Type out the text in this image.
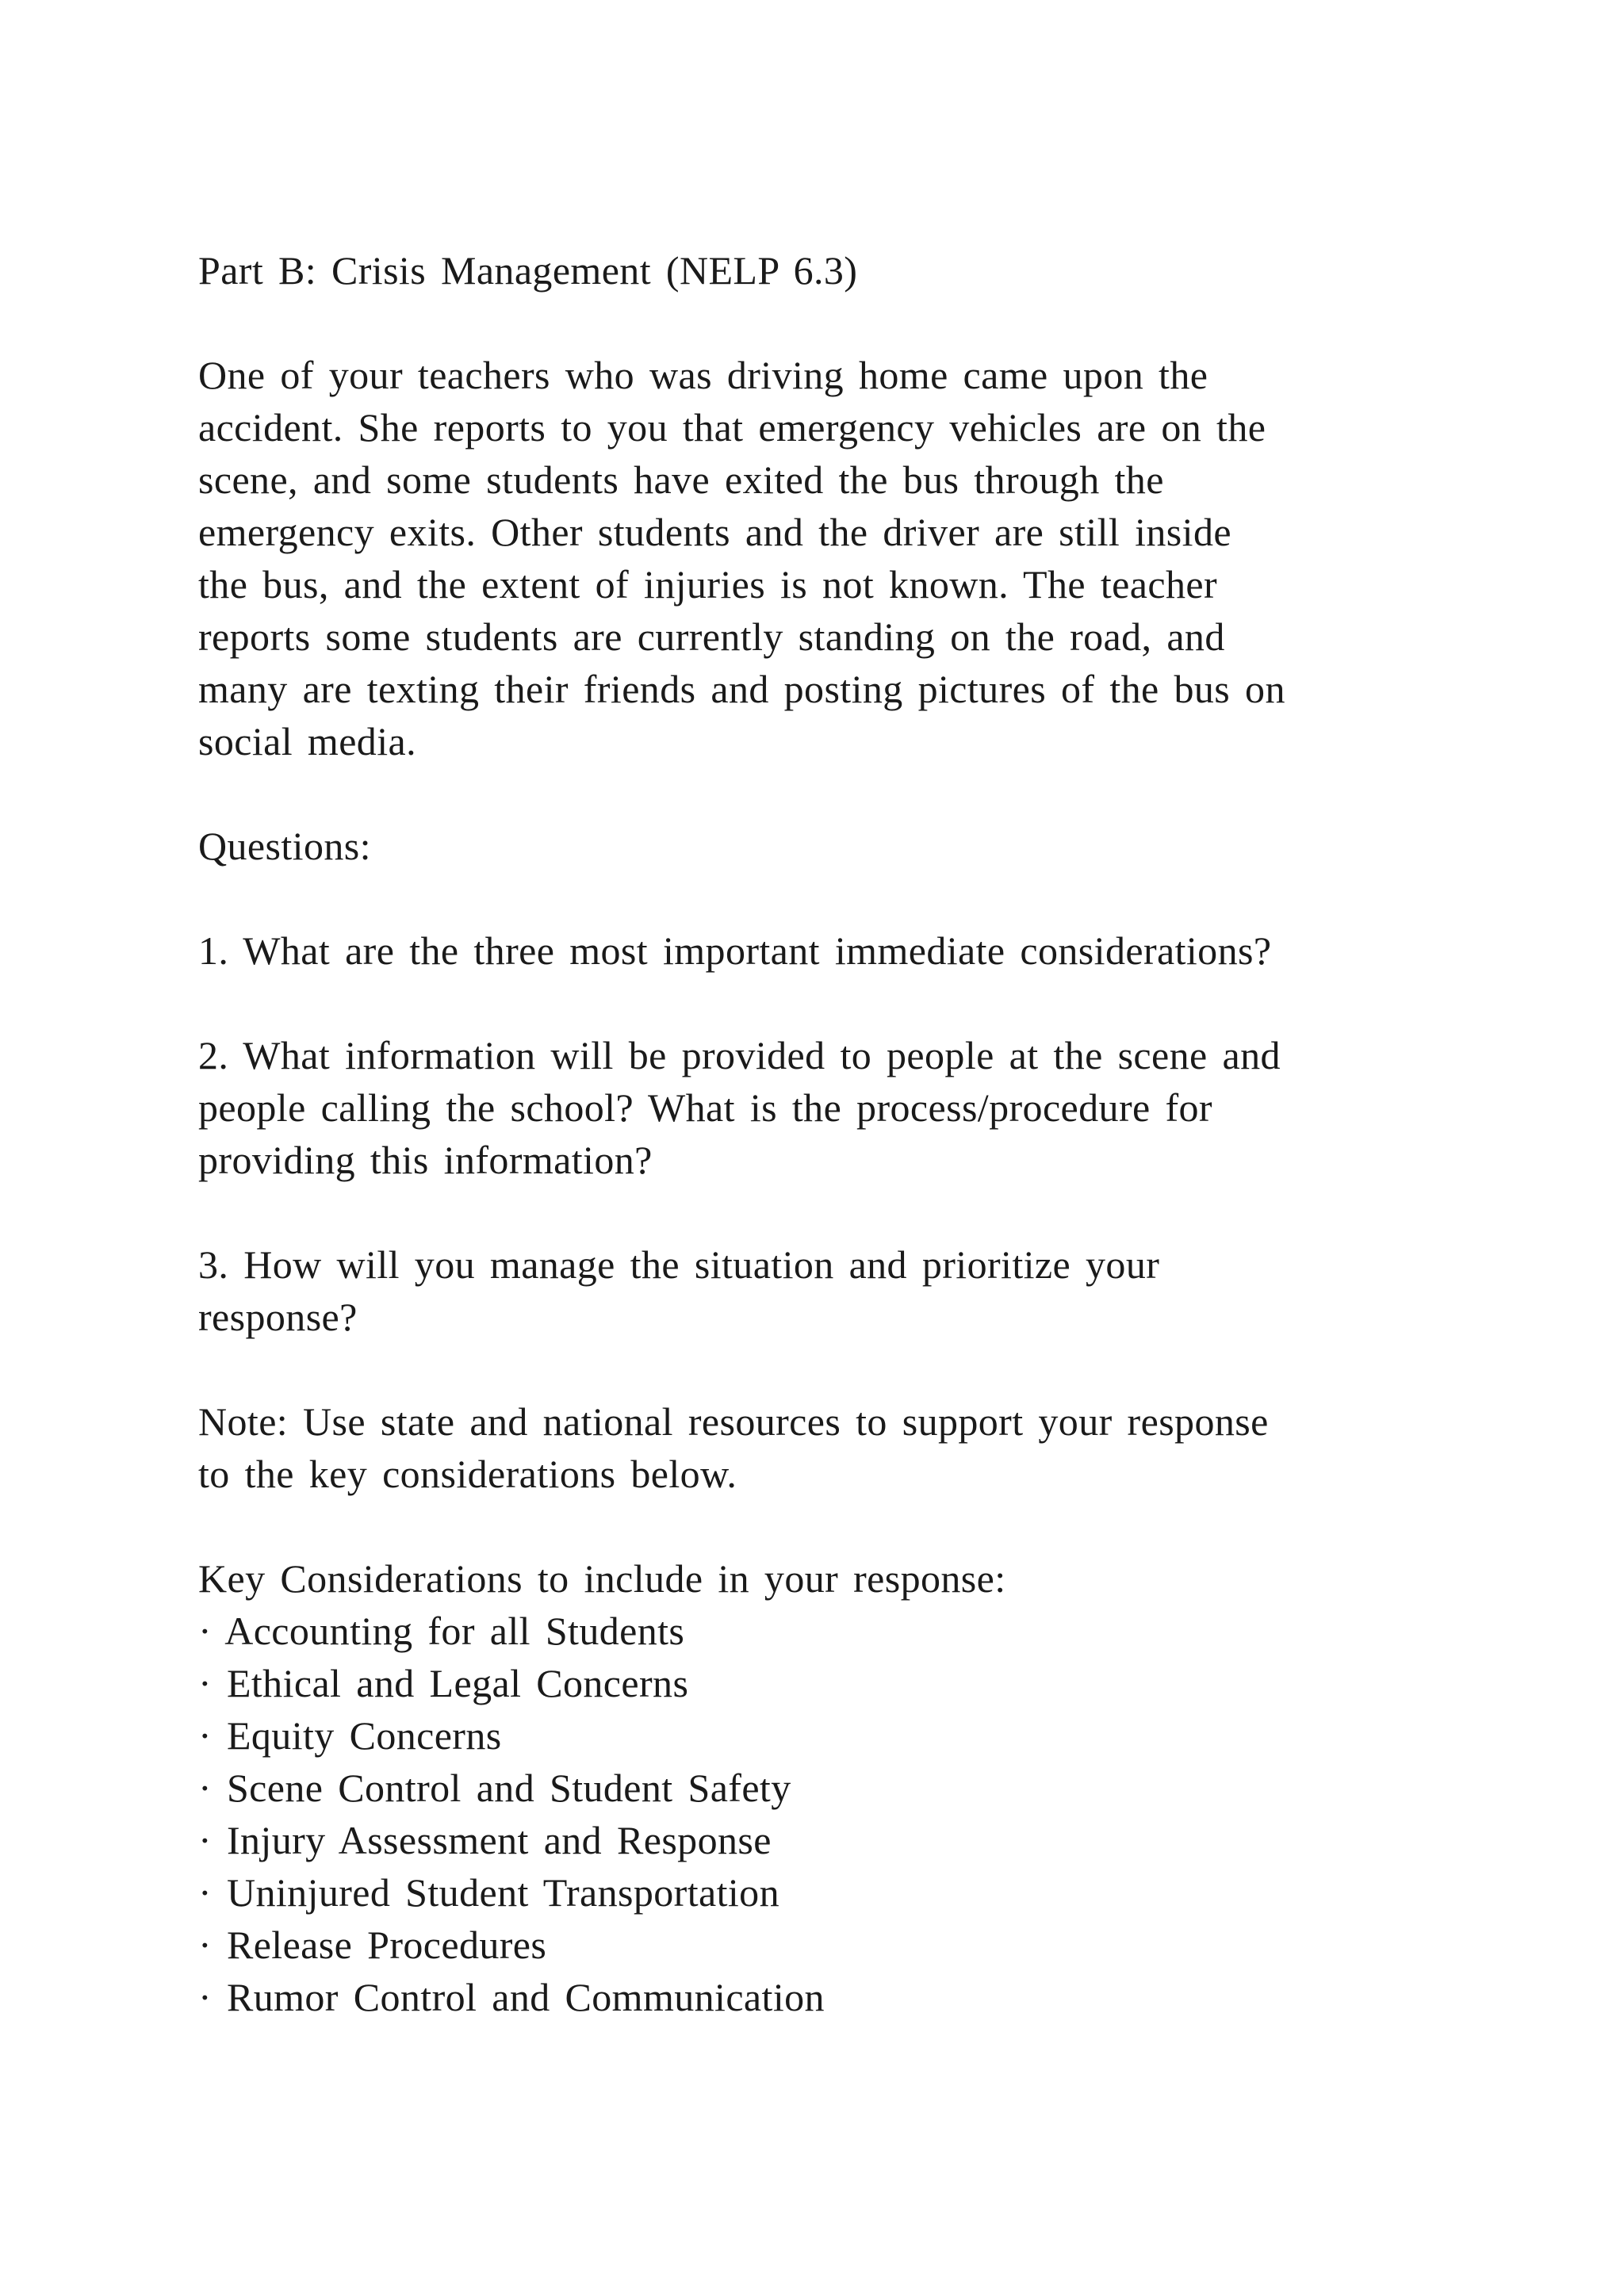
Part B: Crisis Management (NELP 6.3)
One of your teachers who was driving home came upon the
accident. She reports to you that emergency vehicles are on the
scene, and some students have exited the bus through the
emergency exits. Other students and the driver are still inside
the bus, and the extent of injuries is not known. The teacher
reports some students are currently standing on the road, and
many are texting their friends and posting pictures of the bus on
social media.
Questions:
1. What are the three most important immediate considerations?
2. What information will be provided to people at the scene and
people calling the school? What is the process/procedure for
providing this information?
3. How will you manage the situation and prioritize your
response?
Note: Use state and national resources to support your response
to the key considerations below.
Key Considerations to include in your response:
· Accounting for all Students
· Ethical and Legal Concerns
· Equity Concerns
· Scene Control and Student Safety
· Injury Assessment and Response
· Uninjured Student Transportation
· Release Procedures
· Rumor Control and Communication
